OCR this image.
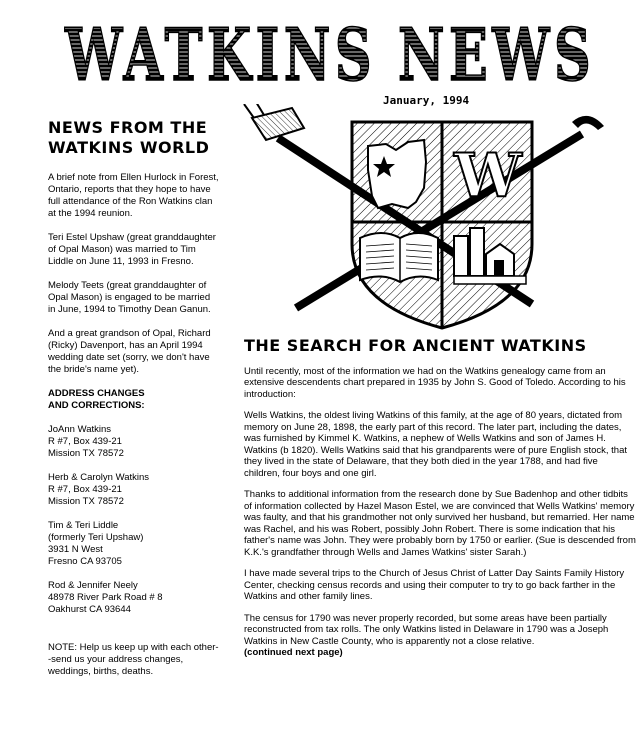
WATKINS NEWS
January, 1994
NEWS FROM THE
WATKINS WORLD

A brief note from Ellen Hurlock in Forest, Ontario, reports that they hope to have full attendance of the Ron Watkins clan at the 1994 reunion.

Teri Estel Upshaw (great granddaughter of Opal Mason) was married to Tim Liddle on June 11, 1993 in Fresno.

Melody Teets (great granddaughter of Opal Mason) is engaged to be married in June, 1994 to Timothy Dean Ganun.

And a great grandson of Opal, Richard (Ricky) Davenport, has an April 1994 wedding date set (sorry, we don't have the bride's name yet).

ADDRESS CHANGES
AND CORRECTIONS:
JoAnn Watkins
R #7, Box 439-21
Mission TX 78572
Herb & Carolyn Watkins
R #7, Box 439-21
Mission TX 78572
Tim & Teri Liddle
(formerly Teri Upshaw)
3931 N West
Fresno CA 93705
Rod & Jennifer Neely
48978 River Park Road # 8
Oakhurst CA 93644

NOTE: Help us keep up with each other--send us your address changes, weddings, births, deaths.

W
THE SEARCH FOR ANCIENT WATKINS

Until recently, most of the information we had on the Watkins genealogy came from an extensive descendents chart prepared in 1935 by John S. Good of Toledo. According to his introduction:

Wells Watkins, the oldest living Watkins of this family, at the age of 80 years, dictated from memory on June 28, 1898, the early part of this record. The later part, including the dates, was furnished by Kimmel K. Watkins, a nephew of Wells Watkins and son of James H. Watkins (b 1820). Wells Watkins said that his grandparents were of pure English stock, that they lived in the state of Delaware, that they both died in the year 1788, and had five children, four boys and one girl.

Thanks to additional information from the research done by Sue Badenhop and other tidbits of information collected by Hazel Mason Estel, we are convinced that Wells Watkins' memory was faulty, and that his grandmother not only survived her husband, but remarried. Her name was Rachel, and his was Robert, possibly John Robert. There is some indication that his father's name was John. They were probably born by 1750 or earlier. (Sue is descended from K.K.'s grandfather through Wells and James Watkins' sister Sarah.)

I have made several trips to the Church of Jesus Christ of Latter Day Saints Family History Center, checking census records and using their computer to try to go back farther in the Watkins and other family lines.

The census for 1790 was never properly recorded, but some areas have been partially reconstructed from tax rolls. The only Watkins listed in Delaware in 1790 was a Joseph Watkins in New Castle County, who is apparently not a close relative.

(continued next page)
